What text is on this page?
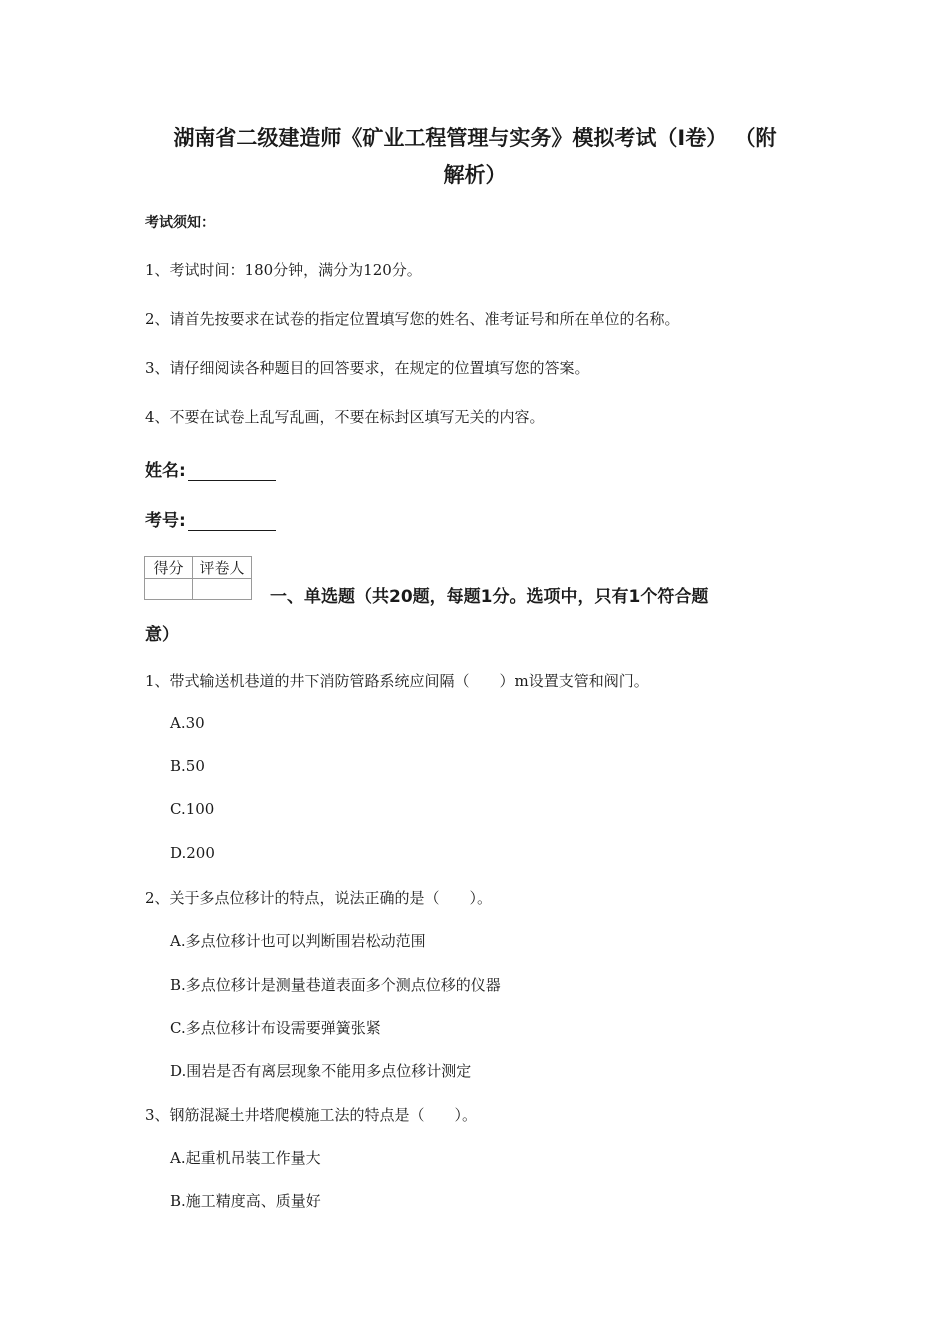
湖南省二级建造师《矿业工程管理与实务》模拟考试（I卷） （附
解析）
考试须知：
1、考试时间：180分钟，满分为120分。
2、请首先按要求在试卷的指定位置填写您的姓名、准考证号和所在单位的名称。
3、请仔细阅读各种题目的回答要求，在规定的位置填写您的答案。
4、不要在试卷上乱写乱画，不要在标封区填写无关的内容。
姓名:
考号:
得分	评卷人

一、单选题（共20题，每题1分。选项中，只有1个符合题
意）
1、带式输送机巷道的井下消防管路系统应间隔（　　）m设置支管和阀门。
A.30
B.50
C.100
D.200
2、关于多点位移计的特点，说法正确的是（　　）。
A.多点位移计也可以判断围岩松动范围
B.多点位移计是测量巷道表面多个测点位移的仪器
C.多点位移计布设需要弹簧张紧
D.围岩是否有离层现象不能用多点位移计测定
3、钢筋混凝土井塔爬模施工法的特点是（　　）。
A.起重机吊装工作量大
B.施工精度高、质量好
